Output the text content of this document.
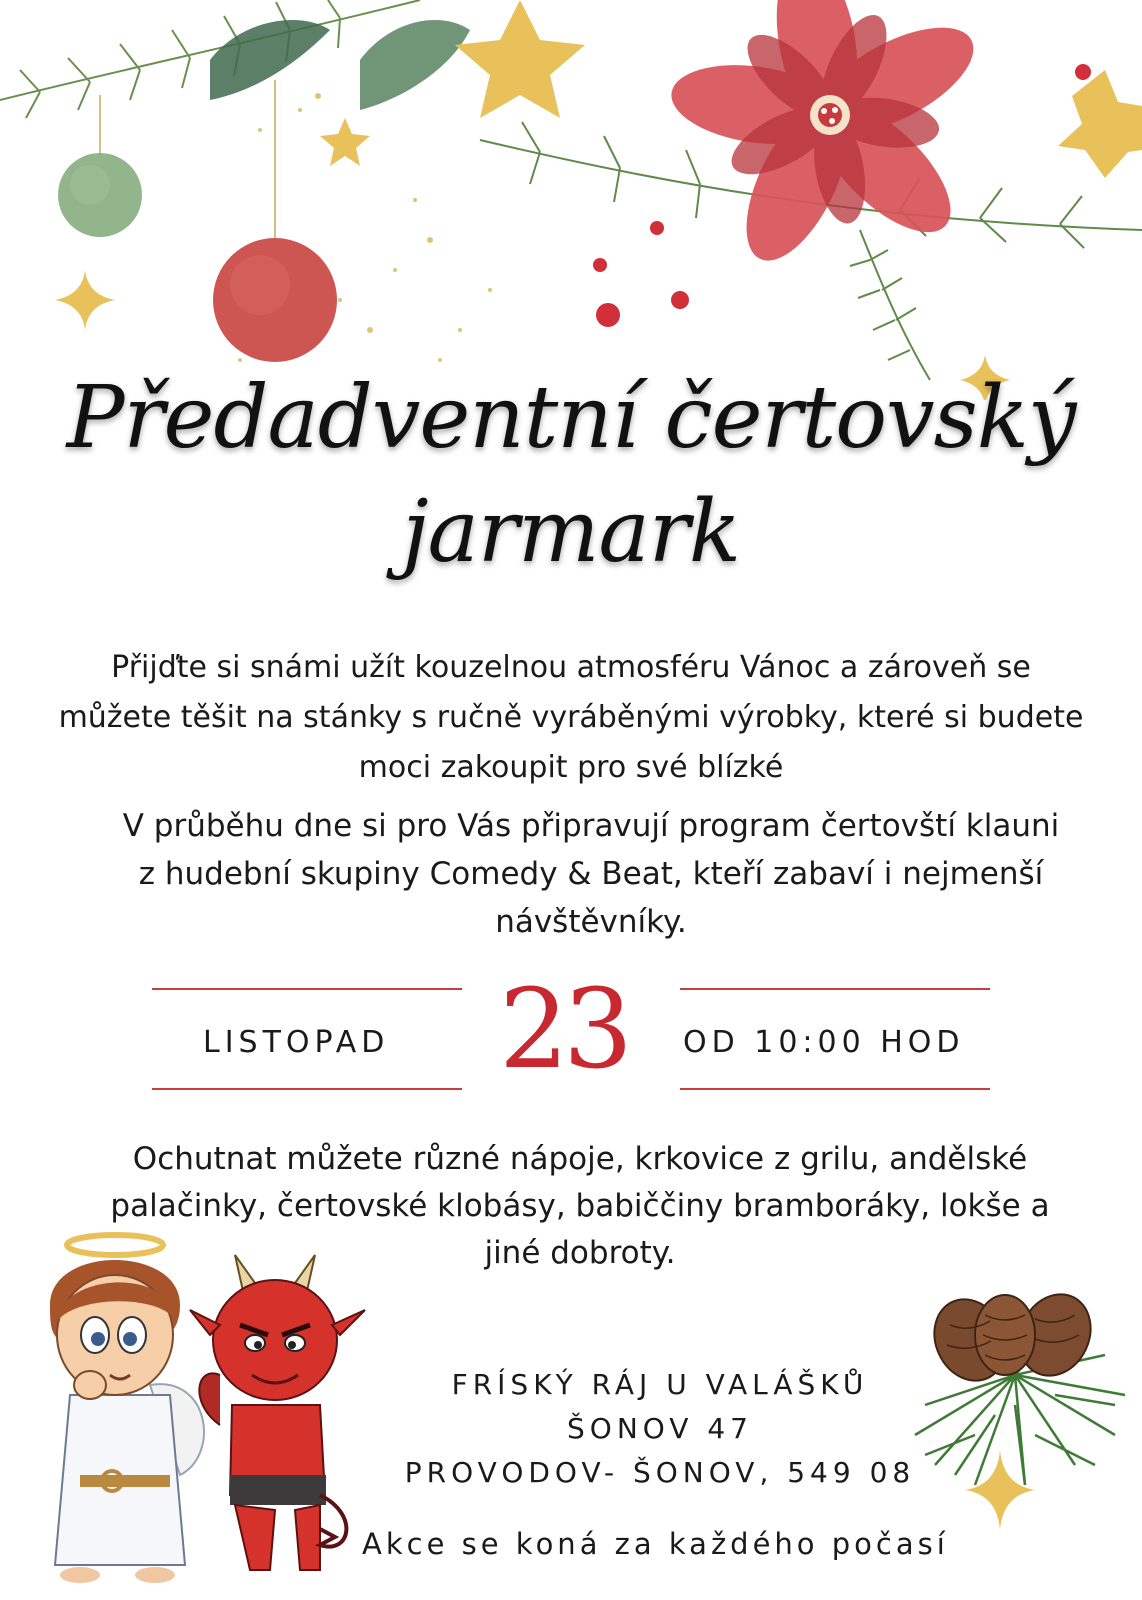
Předadventní čertovský
jarmark
Přijďte si snámi užít kouzelnou atmosféru Vánoc a zároveň se
můžete těšit na stánky s ručně vyráběnými výrobky, které si budete
moci zakoupit pro své blízké
V průběhu dne si pro Vás připravují program čertovští klauni
z hudební skupiny Comedy & Beat, kteří zabaví i nejmenší
návštěvníky.
LISTOPAD 23 OD 10:00 HOD
Ochutnat můžete různé nápoje, krkovice z grilu, andělské
palačinky, čertovské klobásy, babiččiny bramboráky, lokše a
jiné dobroty.
FRÍSKÝ RÁJ U VALÁŠKŮ
ŠONOV 47
PROVODOV- ŠONOV, 549 08
Akce se koná za každého počasí
